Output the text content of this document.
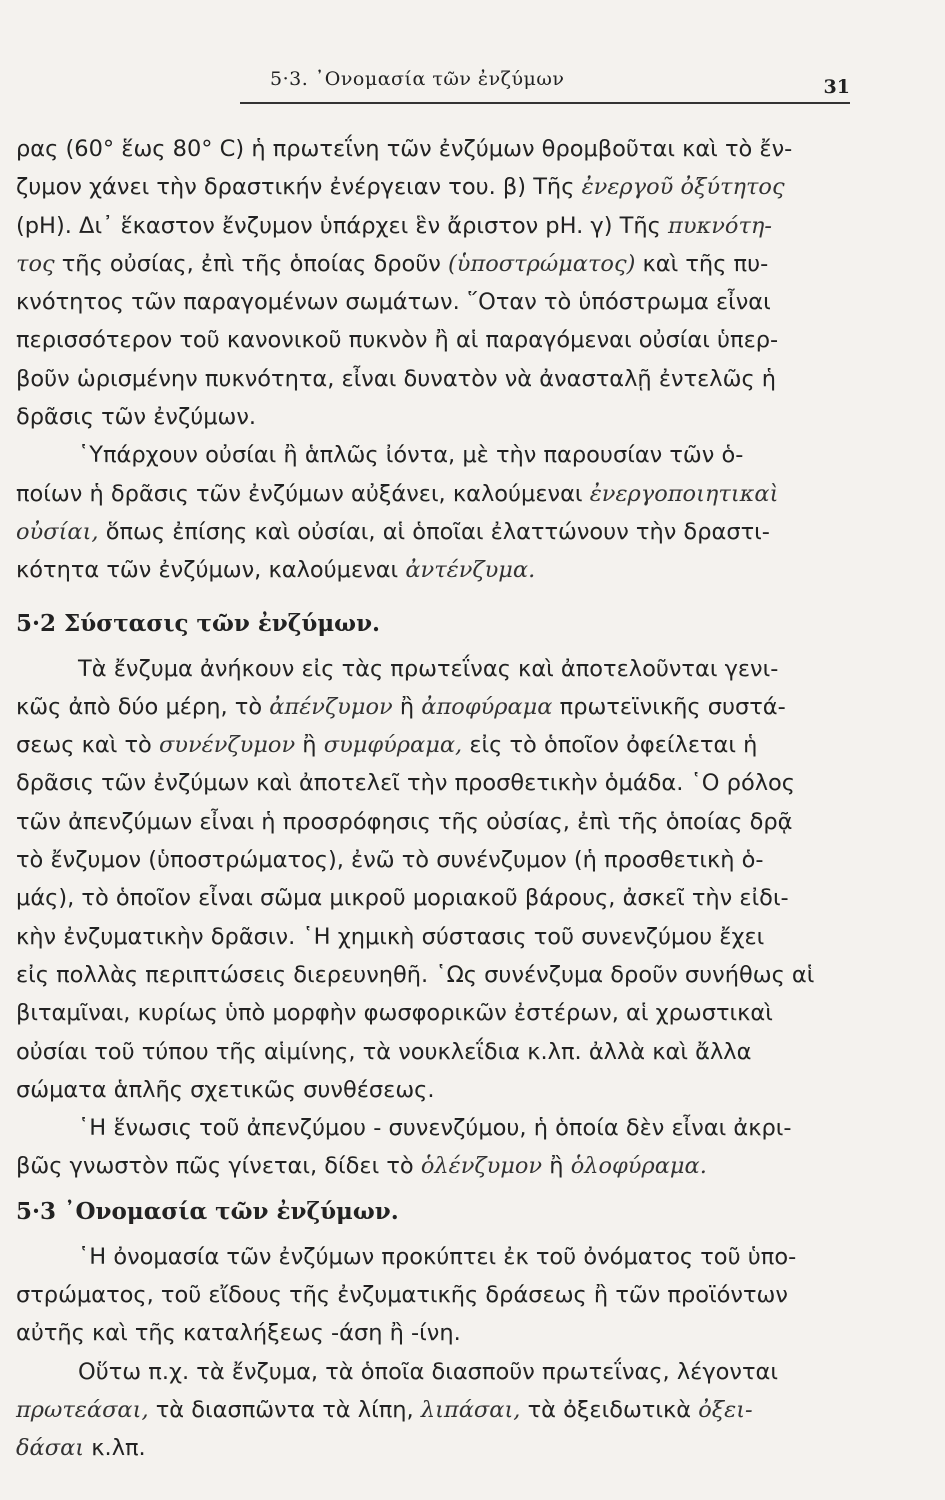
5·3. ᾿Ονομασία τῶν ἐνζύμων	31
ρας (60° ἕως 80° C) ἡ πρωτεΐνη τῶν ἐνζύμων θρομβοῦται καὶ τὸ ἔν-
ζυμον χάνει τὴν δραστικήν ἐνέργειαν του. β) Τῆς ἐνεργοῦ ὀξύτητος
(pH). Δι᾿ ἕκαστον ἔνζυμον ὑπάρχει ἓν ἄριστον pH. γ) Τῆς πυκνότη-
τος τῆς οὐσίας, ἐπὶ τῆς ὁποίας δροῦν (ὑποστρώματος) καὶ τῆς πυ-
κνότητος τῶν παραγομένων σωμάτων. ῞Οταν τὸ ὑπόστρωμα εἶναι
περισσότερον τοῦ κανονικοῦ πυκνὸν ἢ αἱ παραγόμεναι οὐσίαι ὑπερ-
βοῦν ὡρισμένην πυκνότητα, εἶναι δυνατὸν νὰ ἀνασταλῇ ἐντελῶς ἡ
δρᾶσις τῶν ἐνζύμων.
῾Υπάρχουν οὐσίαι ἢ ἁπλῶς ἰόντα, μὲ τὴν παρουσίαν τῶν ὁ-
ποίων ἡ δρᾶσις τῶν ἐνζύμων αὐξάνει, καλούμεναι ἐνεργοποιητικαὶ
οὐσίαι, ὅπως ἐπίσης καὶ οὐσίαι, αἱ ὁποῖαι ἐλαττώνουν τὴν δραστι-
κότητα τῶν ἐνζύμων, καλούμεναι ἀντένζυμα.
5·2 Σύστασις τῶν ἐνζύμων.
Τὰ ἔνζυμα ἀνήκουν εἰς τὰς πρωτεΐνας καὶ ἀποτελοῦνται γενι-
κῶς ἀπὸ δύο μέρη, τὸ ἀπένζυμον ἢ ἀποφύραμα πρωτεϊνικῆς συστά-
σεως καὶ τὸ συνένζυμον ἢ συμφύραμα, εἰς τὸ ὁποῖον ὀφείλεται ἡ
δρᾶσις τῶν ἐνζύμων καὶ ἀποτελεῖ τὴν προσθετικὴν ὁμάδα. ῾Ο ρόλος
τῶν ἀπενζύμων εἶναι ἡ προσρόφησις τῆς οὐσίας, ἐπὶ τῆς ὁποίας δρᾷ
τὸ ἔνζυμον (ὑποστρώματος), ἐνῶ τὸ συνένζυμον (ἡ προσθετικὴ ὁ-
μάς), τὸ ὁποῖον εἶναι σῶμα μικροῦ μοριακοῦ βάρους, ἀσκεῖ τὴν εἰδι-
κὴν ἐνζυματικὴν δρᾶσιν. ῾Η χημικὴ σύστασις τοῦ συνενζύμου ἔχει
εἰς πολλὰς περιπτώσεις διερευνηθῆ. ῾Ως συνένζυμα δροῦν συνήθως αἱ
βιταμῖναι, κυρίως ὑπὸ μορφὴν φωσφορικῶν ἐστέρων, αἱ χρωστικαὶ
οὐσίαι τοῦ τύπου τῆς αἱμίνης, τὰ νουκλεΐδια κ.λπ. ἀλλὰ καὶ ἄλλα
σώματα ἁπλῆς σχετικῶς συνθέσεως.
῾Η ἕνωσις τοῦ ἀπενζύμου - συνενζύμου, ἡ ὁποία δὲν εἶναι ἀκρι-
βῶς γνωστὸν πῶς γίνεται, δίδει τὸ ὁλένζυμον ἢ ὁλοφύραμα.
5·3 ᾿Ονομασία τῶν ἐνζύμων.
῾Η ὀνομασία τῶν ἐνζύμων προκύπτει ἐκ τοῦ ὀνόματος τοῦ ὑπο-
στρώματος, τοῦ εἴδους τῆς ἐνζυματικῆς δράσεως ἢ τῶν προϊόντων
αὐτῆς καὶ τῆς καταλήξεως -άση ἢ -ίνη.
Οὕτω π.χ. τὰ ἔνζυμα, τὰ ὁποῖα διασποῦν πρωτεΐνας, λέγονται
πρωτεάσαι, τὰ διασπῶντα τὰ λίπη, λιπάσαι, τὰ ὀξειδωτικὰ ὀξει-
δάσαι κ.λπ.
